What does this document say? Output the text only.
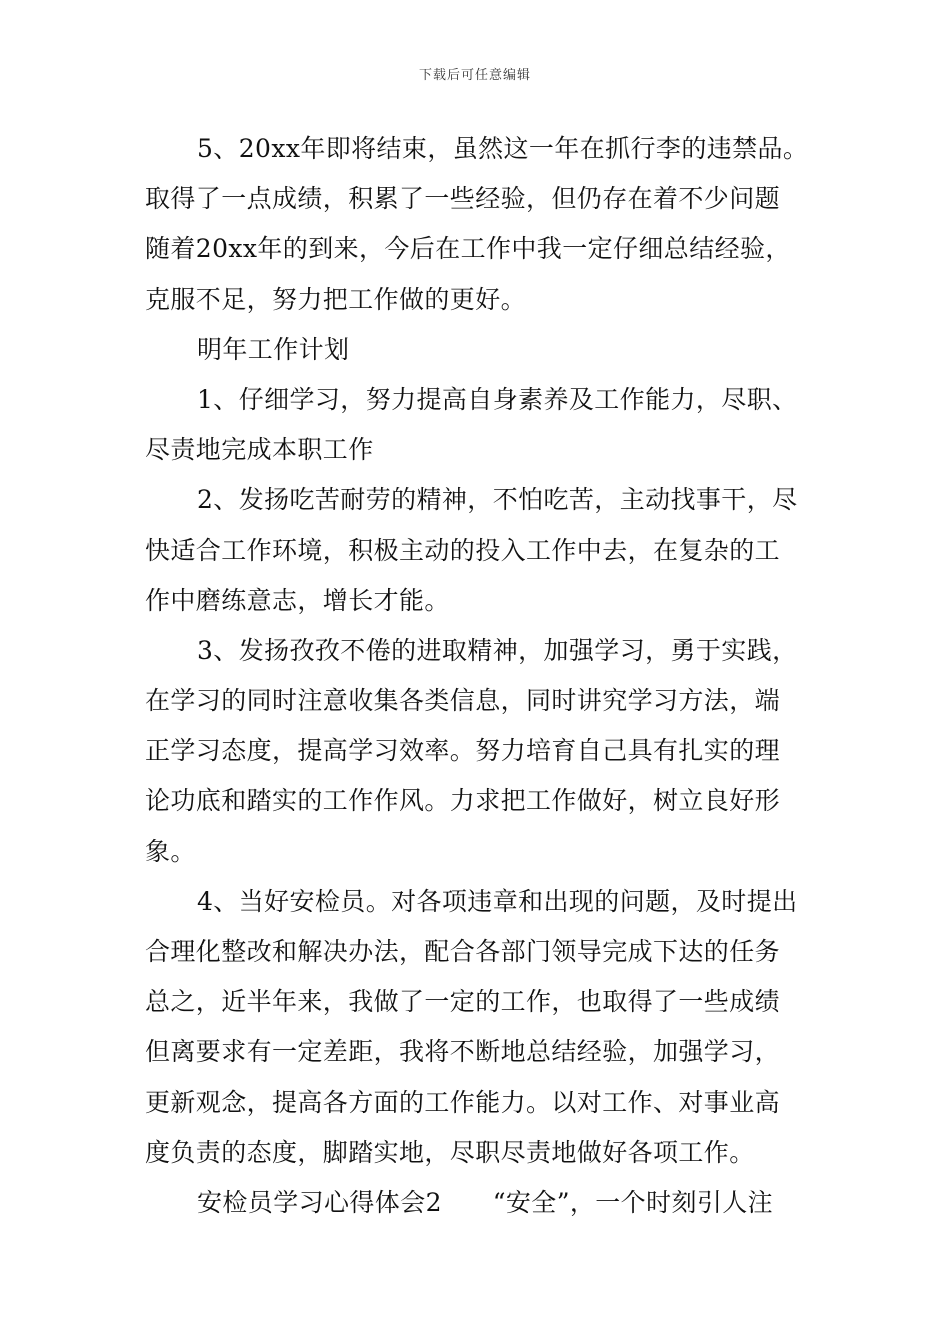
下载后可任意编辑
5、20xx年即将结束，虽然这一年在抓行李的违禁品。
取得了一点成绩，积累了一些经验，但仍存在着不少问题
随着20xx年的到来，今后在工作中我一定仔细总结经验，
克服不足，努力把工作做的更好。
明年工作计划
1、仔细学习，努力提高自身素养及工作能力，尽职、
尽责地完成本职工作
2、发扬吃苦耐劳的精神，不怕吃苦，主动找事干，尽
快适合工作环境，积极主动的投入工作中去，在复杂的工
作中磨练意志，增长才能。
3、发扬孜孜不倦的进取精神，加强学习，勇于实践，
在学习的同时注意收集各类信息，同时讲究学习方法，端
正学习态度，提高学习效率。努力培育自己具有扎实的理
论功底和踏实的工作作风。力求把工作做好，树立良好形
象。
4、当好安检员。对各项违章和出现的问题，及时提出
合理化整改和解决办法，配合各部门领导完成下达的任务
总之，近半年来，我做了一定的工作，也取得了一些成绩
但离要求有一定差距，我将不断地总结经验，加强学习，
更新观念，提高各方面的工作能力。以对工作、对事业高
度负责的态度，脚踏实地，尽职尽责地做好各项工作。
安检员学习心得体会2　　“安全”，一个时刻引人注
